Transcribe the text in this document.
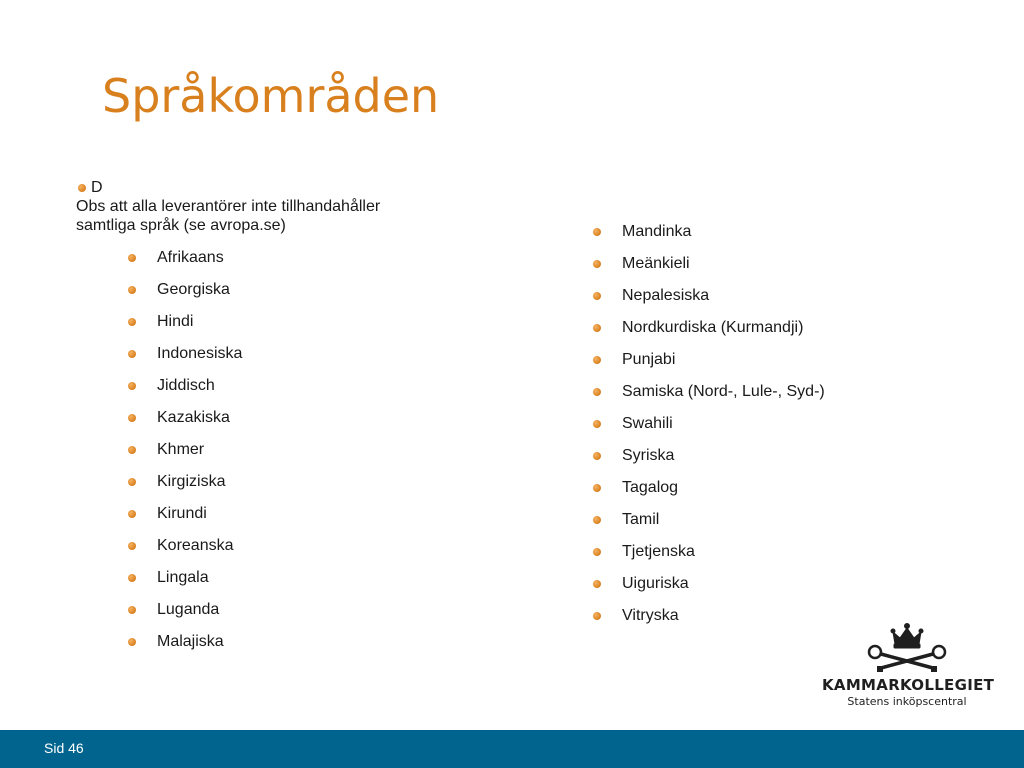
Språkområden
D
Obs att alla leverantörer inte tillhandahåller
samtliga språk (se avropa.se)
Afrikaans
Georgiska
Hindi
Indonesiska
Jiddisch
Kazakiska
Khmer
Kirgiziska
Kirundi
Koreanska
Lingala
Luganda
Malajiska
Mandinka
Meänkieli
Nepalesiska
Nordkurdiska (Kurmandji)
Punjabi
Samiska (Nord-, Lule-, Syd-)
Swahili
Syriska
Tagalog
Tamil
Tjetjenska
Uiguriska
Vitryska
KAMMARKOLLEGIET
Statens inköpscentral
Sid 46
